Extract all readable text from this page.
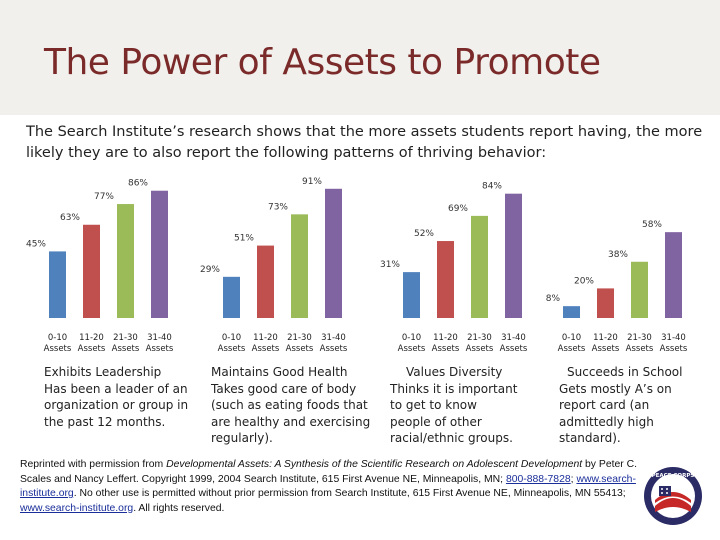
The Power of Assets to Promote

The Search Institute’s research shows that the more assets students report having, the more likely they are to also report the following patterns of thriving behavior:

45%
0-10
Assets
63%
11-20
Assets
77%
21-30
Assets
86%
31-40
Assets
29%
0-10
Assets
51%
11-20
Assets
73%
21-30
Assets
91%
31-40
Assets
31%
0-10
Assets
52%
11-20
Assets
69%
21-30
Assets
84%
31-40
Assets
8%
0-10
Assets
20%
11-20
Assets
38%
21-30
Assets
58%
31-40
Assets
Exhibits Leadership
Has been a leader of an organization or group in the past 12 months.
Maintains Good Health
Takes good care of body (such as eating foods that are healthy and exercising regularly).
Values Diversity
Thinks it is important to get to know people of other racial/ethnic groups.
Succeeds in School
Gets mostly A’s on report card (an admittedly high standard).

Reprinted with permission from Developmental Assets: A Synthesis of the Scientific Research on Adolescent Development by Peter C. Scales and Nancy Leffert. Copyright 1999, 2004 Search Institute, 615 First Avenue NE, Minneapolis, MN; 800-888-7828; www.search-institute.org. No other use is permitted without prior permission from Search Institute, 615 First Avenue NE, Minneapolis, MN 55413; www.search-institute.org. All rights reserved.

PEACE CORPS
